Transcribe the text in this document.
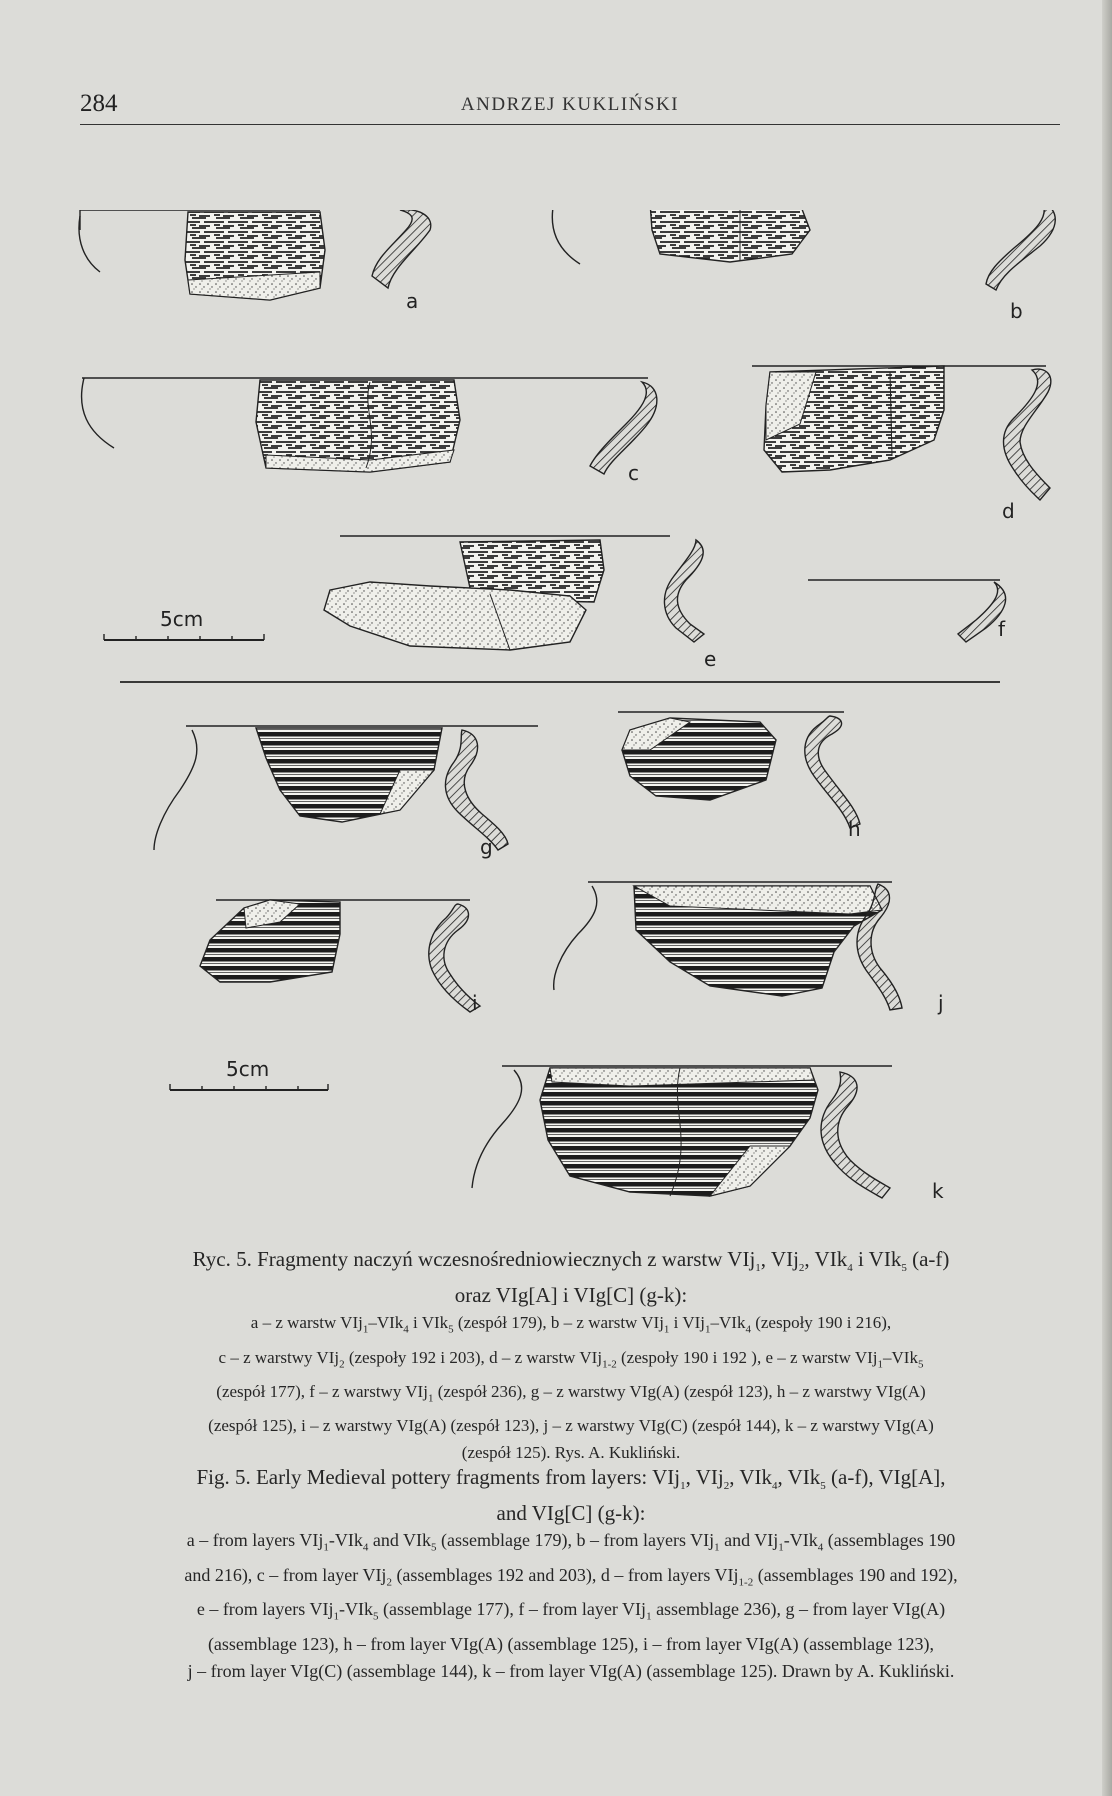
284	ANDRZEJ KUKLIŃSKI
a	b
c
d
e
f
5cm
g
h
i	j
5cm
k
Ryc. 5. Fragmenty naczyń wczesnośredniowiecznych z warstw VIj$_1$, VIj$_2$, VIk$_4$ i VIk$_5$ (a-f)
oraz VIg[A] i VIg[C] (g-k):
a – z warstw VIj$_1$–VIk$_4$ i VIk$_5$ (zespół 179), b – z warstw VIj$_1$ i VIj$_1$–VIk$_4$ (zespoły 190 i 216),
c – z warstwy VIj$_2$ (zespoły 192 i 203), d – z warstw VIj$_{1-2}$ (zespoły 190 i 192 ), e – z warstw VIj$_1$–VIk$_5$
(zespół 177), f – z warstwy VIj$_1$ (zespół 236), g – z warstwy VIg(A) (zespół 123), h – z warstwy VIg(A)
(zespół 125), i – z warstwy VIg(A) (zespół 123), j – z warstwy VIg(C) (zespół 144), k – z warstwy VIg(A)
(zespół 125). Rys. A. Kukliński.
Fig. 5. Early Medieval pottery fragments from layers: VIj$_1$, VIj$_2$, VIk$_4$, VIk$_5$ (a-f), VIg[A],
and VIg[C] (g-k):
a – from layers VIj$_1$-VIk$_4$ and VIk$_5$ (assemblage 179), b – from layers VIj$_1$ and VIj$_1$-VIk$_4$ (assemblages 190
and 216), c – from layer VIj$_2$ (assemblages 192 and 203), d – from layers VIj$_{1-2}$ (assemblages 190 and 192),
e – from layers VIj$_1$-VIk$_5$ (assemblage 177), f – from layer VIj$_1$ assemblage 236), g – from layer VIg(A)
(assemblage 123), h – from layer VIg(A) (assemblage 125), i – from layer VIg(A) (assemblage 123),
j – from layer VIg(C) (assemblage 144), k – from layer VIg(A) (assemblage 125). Drawn by A. Kukliński.
